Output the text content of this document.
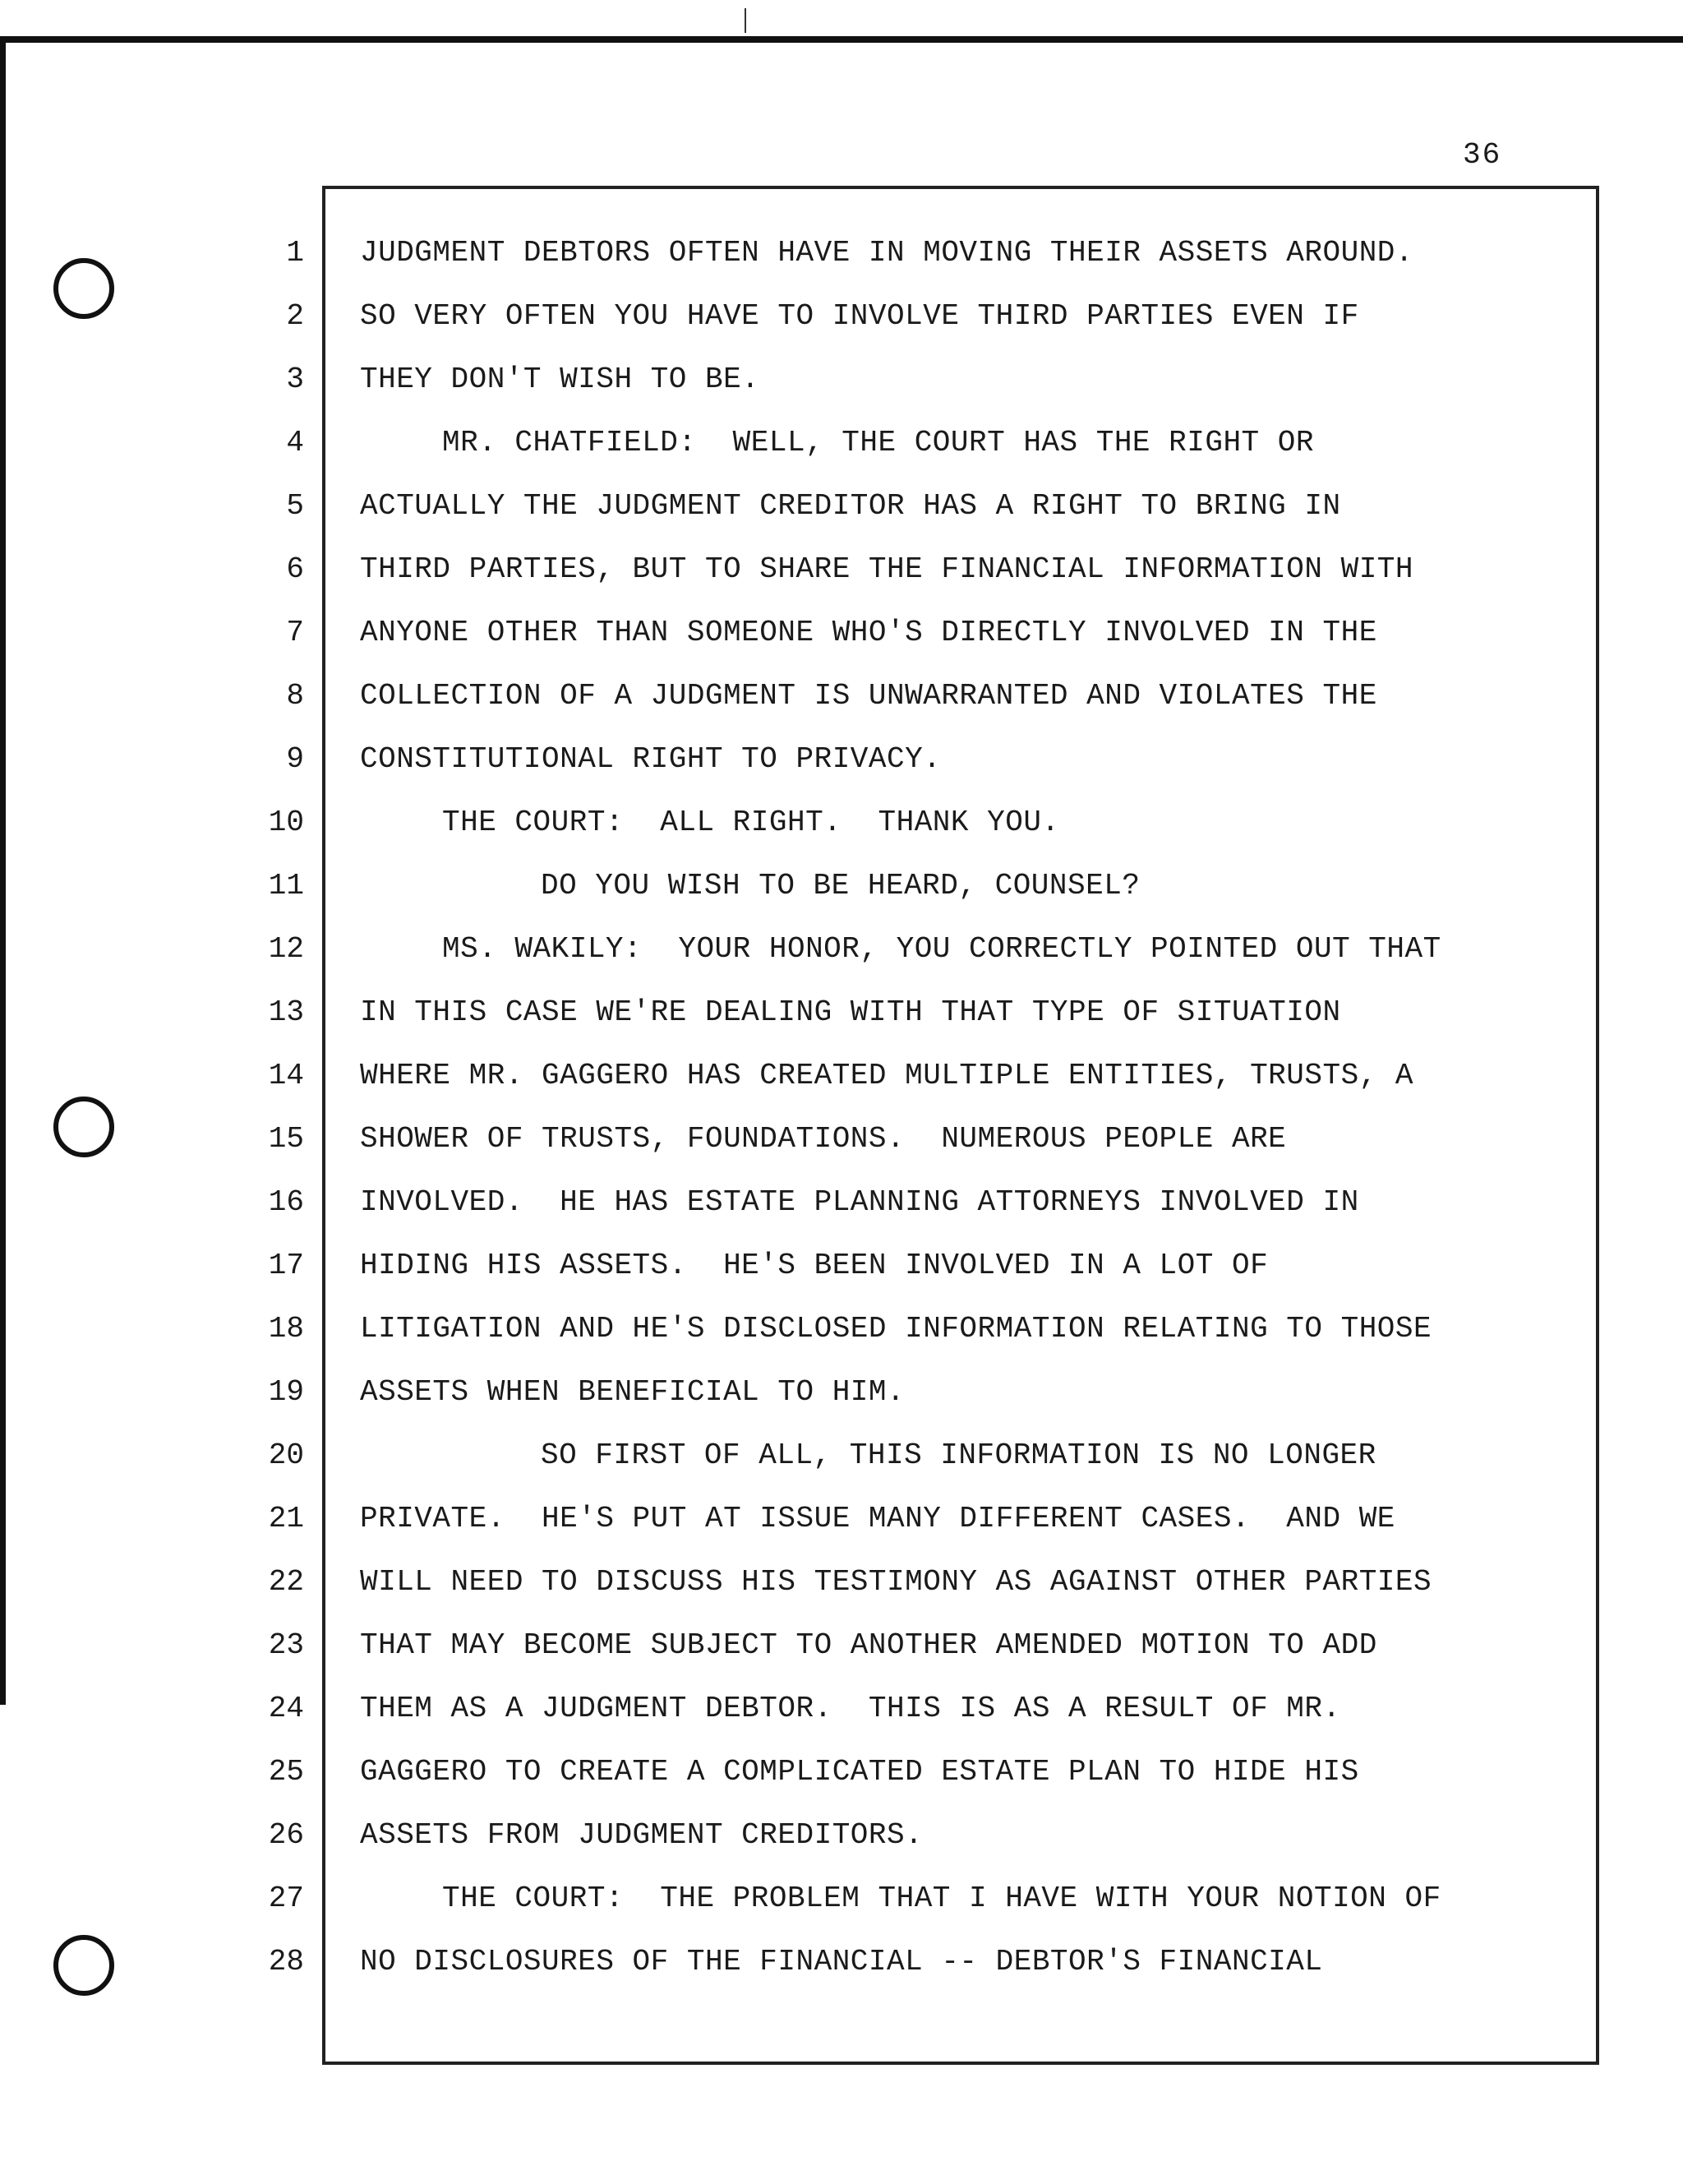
36
1
2
3
4
5
6
7
8
9
10
11
12
13
14
15
16
17
18
19
20
21
22
23
24
25
26
27
28
JUDGMENT DEBTORS OFTEN HAVE IN MOVING THEIR ASSETS AROUND.
SO VERY OFTEN YOU HAVE TO INVOLVE THIRD PARTIES EVEN IF
THEY DON'T WISH TO BE.
MR. CHATFIELD:  WELL, THE COURT HAS THE RIGHT OR
ACTUALLY THE JUDGMENT CREDITOR HAS A RIGHT TO BRING IN
THIRD PARTIES, BUT TO SHARE THE FINANCIAL INFORMATION WITH
ANYONE OTHER THAN SOMEONE WHO'S DIRECTLY INVOLVED IN THE
COLLECTION OF A JUDGMENT IS UNWARRANTED AND VIOLATES THE
CONSTITUTIONAL RIGHT TO PRIVACY.
THE COURT:  ALL RIGHT.  THANK YOU.
DO YOU WISH TO BE HEARD, COUNSEL?
MS. WAKILY:  YOUR HONOR, YOU CORRECTLY POINTED OUT THAT
IN THIS CASE WE'RE DEALING WITH THAT TYPE OF SITUATION
WHERE MR. GAGGERO HAS CREATED MULTIPLE ENTITIES, TRUSTS, A
SHOWER OF TRUSTS, FOUNDATIONS.  NUMEROUS PEOPLE ARE
INVOLVED.  HE HAS ESTATE PLANNING ATTORNEYS INVOLVED IN
HIDING HIS ASSETS.  HE'S BEEN INVOLVED IN A LOT OF
LITIGATION AND HE'S DISCLOSED INFORMATION RELATING TO THOSE
ASSETS WHEN BENEFICIAL TO HIM.
SO FIRST OF ALL, THIS INFORMATION IS NO LONGER
PRIVATE.  HE'S PUT AT ISSUE MANY DIFFERENT CASES.  AND WE
WILL NEED TO DISCUSS HIS TESTIMONY AS AGAINST OTHER PARTIES
THAT MAY BECOME SUBJECT TO ANOTHER AMENDED MOTION TO ADD
THEM AS A JUDGMENT DEBTOR.  THIS IS AS A RESULT OF MR.
GAGGERO TO CREATE A COMPLICATED ESTATE PLAN TO HIDE HIS
ASSETS FROM JUDGMENT CREDITORS.
THE COURT:  THE PROBLEM THAT I HAVE WITH YOUR NOTION OF
NO DISCLOSURES OF THE FINANCIAL -- DEBTOR'S FINANCIAL
